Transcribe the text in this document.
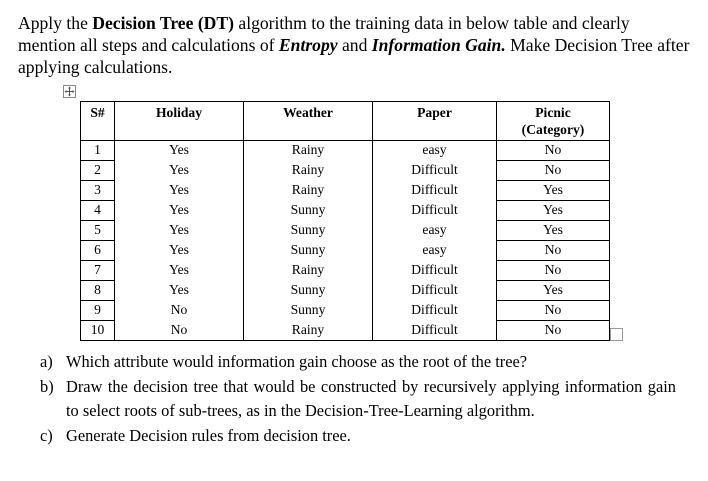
Apply the Decision Tree (DT) algorithm to the training data in below table and clearly mention all steps and calculations of Entropy and Information Gain. Make Decision Tree after applying calculations.

S#	Holiday	Weather	Paper	Picnic
(Category)

1	Yes	Rainy	easy	No
2	Yes	Rainy	Difficult	No
3	Yes	Rainy	Difficult	Yes
4	Yes	Sunny	Difficult	Yes
5	Yes	Sunny	easy	Yes
6	Yes	Sunny	easy	No
7	Yes	Rainy	Difficult	No
8	Yes	Sunny	Difficult	Yes
9	No	Sunny	Difficult	No
10	No	Rainy	Difficult	No
a) Which attribute would information gain choose as the root of the tree?
b) Draw the decision tree that would be constructed by recursively applying information gain to select roots of sub-trees, as in the Decision-Tree-Learning algorithm.
c) Generate Decision rules from decision tree.
